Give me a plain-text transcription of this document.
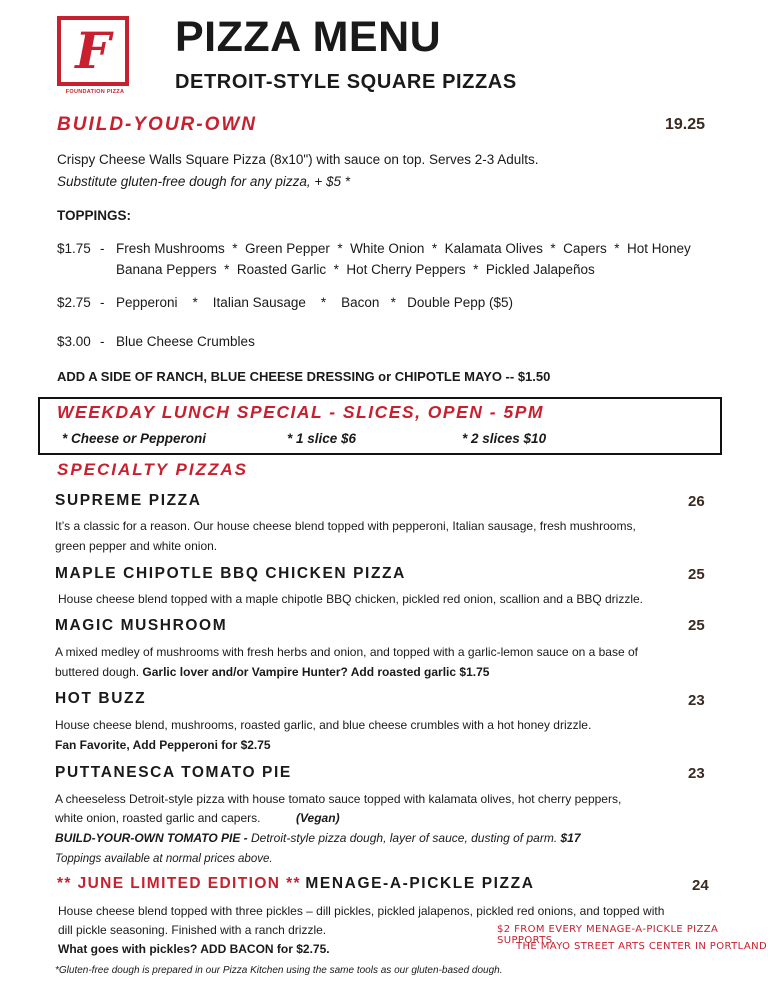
F
FOUNDATION PIZZA
PIZZA MENU
DETROIT-STYLE SQUARE PIZZAS
BUILD-YOUR-OWN	19.25
Crispy Cheese Walls Square Pizza (8x10") with sauce on top. Serves 2-3 Adults.
Substitute gluten-free dough for any pizza, + $5 *
TOPPINGS:
$1.75 - Fresh Mushrooms  *  Green Pepper  *  White Onion  *  Kalamata Olives  *  Capers  *  Hot Honey
Banana Peppers  *  Roasted Garlic  *  Hot Cherry Peppers  *  Pickled Jalapeños
$2.75 - Pepperoni    *    Italian Sausage    *    Bacon   *   Double Pepp ($5)
$3.00 - Blue Cheese Crumbles
ADD A SIDE OF RANCH, BLUE CHEESE DRESSING or CHIPOTLE MAYO -- $1.50
WEEKDAY LUNCH SPECIAL - SLICES, OPEN - 5PM
* Cheese or Pepperoni	* 1 slice $6	* 2 slices $10
SPECIALTY PIZZAS
SUPREME PIZZA	26
It’s a classic for a reason. Our house cheese blend topped with pepperoni, Italian sausage, fresh mushrooms,
green pepper and white onion.
MAPLE CHIPOTLE BBQ CHICKEN PIZZA	25
House cheese blend topped with a maple chipotle BBQ chicken, pickled red onion, scallion and a BBQ drizzle.
MAGIC MUSHROOM	25
A mixed medley of mushrooms with fresh herbs and onion, and topped with a garlic-lemon sauce on a base of
buttered dough. Garlic lover and/or Vampire Hunter? Add roasted garlic $1.75
HOT BUZZ	23
House cheese blend, mushrooms, roasted garlic, and blue cheese crumbles with a hot honey drizzle.
Fan Favorite, Add Pepperoni for $2.75
PUTTANESCA TOMATO PIE	23
A cheeseless Detroit-style pizza with house tomato sauce topped with kalamata olives, hot cherry peppers,
white onion, roasted garlic and capers.	(Vegan)
BUILD-YOUR-OWN TOMATO PIE - Detroit-style pizza dough, layer of sauce, dusting of parm. $17
Toppings available at normal prices above.
** JUNE LIMITED EDITION ** MENAGE-A-PICKLE PIZZA	24
House cheese blend topped with three pickles – dill pickles, pickled jalapenos, pickled red onions, and topped with
dill pickle seasoning. Finished with a ranch drizzle.
What goes with pickles? ADD BACON for $2.75.
$2 FROM EVERY MENAGE-A-PICKLE PIZZA SUPPORTS
THE MAYO STREET ARTS CENTER IN PORTLAND
*Gluten-free dough is prepared in our Pizza Kitchen using the same tools as our gluten-based dough.
